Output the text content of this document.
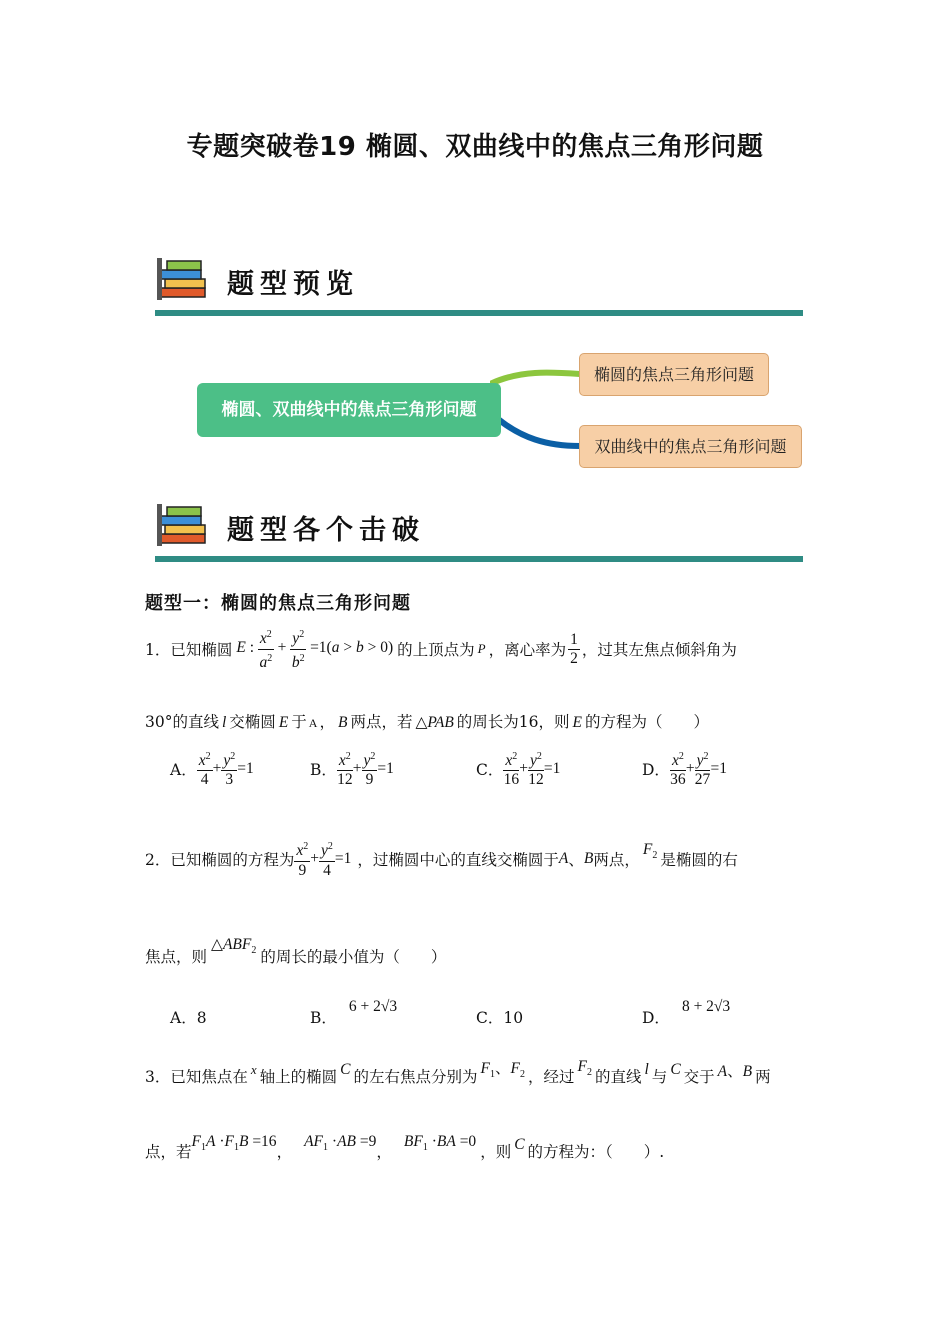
专题突破卷19 椭圆、双曲线中的焦点三角形问题
题型预览
椭圆、双曲线中的焦点三角形问题
椭圆的焦点三角形问题
双曲线中的焦点三角形问题
题型各个击破
题型一：椭圆的焦点三角形问题
1．已知椭圆 E : $\frac{x^2}{a^2} + \frac{y^2}{b^2} =1(a > b > 0)$ 的上顶点为 P ，离心率为 $\frac{1}{2}$ ，过其左焦点倾斜角为
30°的直线 l 交椭圆 E 于 A ， B 两点，若 △PAB 的周长为16，则 E 的方程为（　　）
A． $\frac{x^2}{4} + \frac{y^2}{3} =1$	B． $\frac{x^2}{12} + \frac{y^2}{9} =1$	C． $\frac{x^2}{16} + \frac{y^2}{12} =1$	D． $\frac{x^2}{36} + \frac{y^2}{27} =1$
2．已知椭圆的方程为 $\frac{x^2}{9} + \frac{y^2}{4} =1$ ，过椭圆中心的直线交椭圆于 A 、 B 两点，
$F_2$ 是椭圆的右
焦点，则
$\triangle ABF_2$ 的周长的最小值为（　　）
A．8	B．
6 + 2√3
C．10	D．
8 + 2√3
3．已知焦点在 x 轴上的椭圆 C 的左右焦点分别为 $F_1$、$F_2$ ，经过
$F_2$ 的直线 l 与 C 交于 A、B 两
点，若
$F_1A \cdot F_1B =16$
，
$AF_1 \cdot AB =9$
，
$BF_1 \cdot BA =0$
，则 C 的方程为：（　　）.
